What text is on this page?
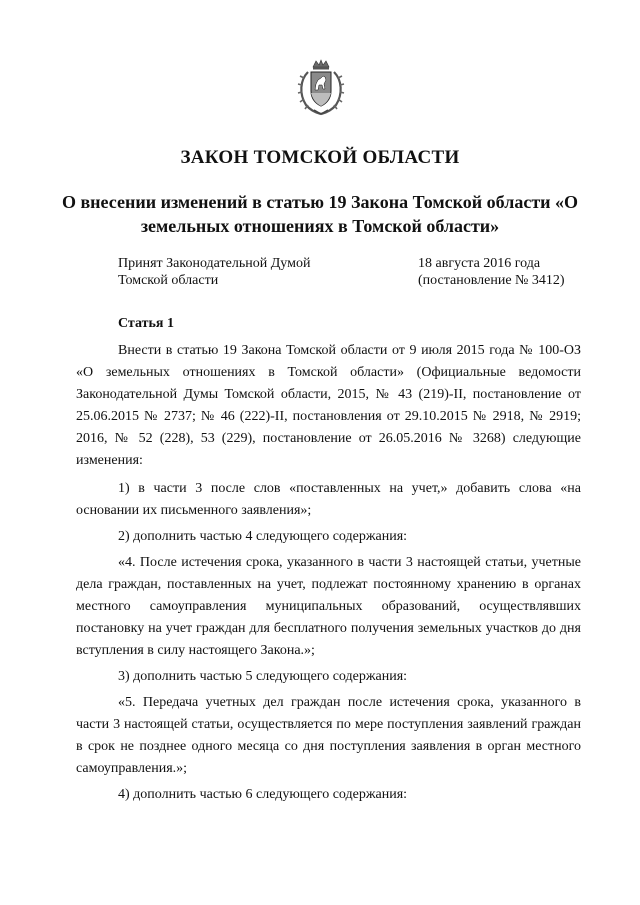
ЗАКОН ТОМСКОЙ ОБЛАСТИ
О внесении изменений в статью 19 Закона Томской области «О земельных отношениях в Томской области»
Принят Законодательной Думой
Томской области
18 августа 2016 года
(постановление № 3412)
Статья 1

Внести в статью 19 Закона Томской области от 9 июля 2015 года № 100-ОЗ «О земельных отношениях в Томской области» (Официальные ведомости Законодательной Думы Томской области, 2015, № 43 (219)-II, постановление от 25.06.2015 № 2737; № 46 (222)-II, постановления от 29.10.2015 № 2918, № 2919; 2016, № 52 (228), 53 (229), постановление от 26.05.2016 № 3268) следующие изменения:

1) в части 3 после слов «поставленных на учет,» добавить слова «на основании их письменного заявления»;

2) дополнить частью 4 следующего содержания:

«4. После истечения срока, указанного в части 3 настоящей статьи, учетные дела граждан, поставленных на учет, подлежат постоянному хранению в органах местного самоуправления муниципальных образований, осуществлявших постановку на учет граждан для бесплатного получения земельных участков до дня вступления в силу настоящего Закона.»;

3) дополнить частью 5 следующего содержания:

«5. Передача учетных дел граждан после истечения срока, указанного в части 3 настоящей статьи, осуществляется по мере поступления заявлений граждан в срок не позднее одного месяца со дня поступления заявления в орган местного самоуправления.»;

4) дополнить частью 6 следующего содержания:
